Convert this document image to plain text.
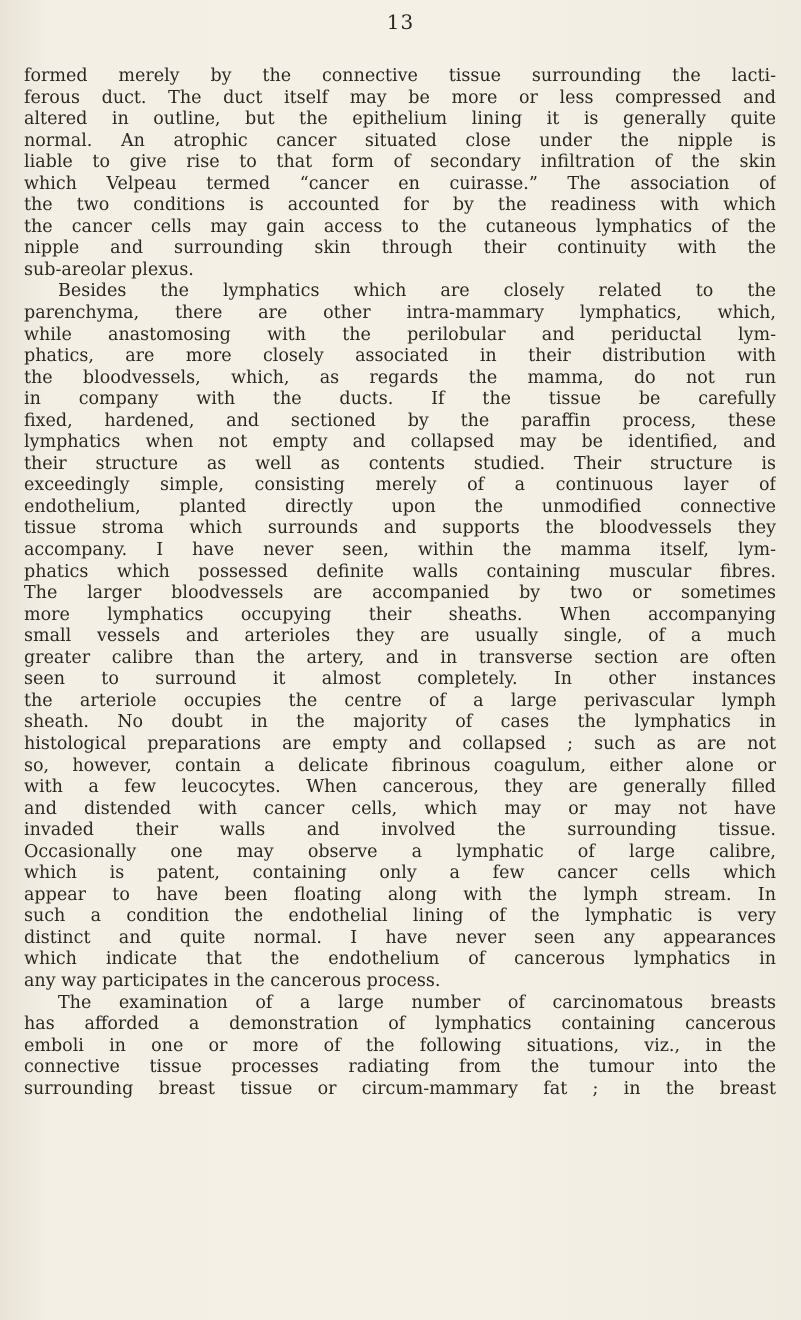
13
formed merely by the connective tissue surrounding the lacti-
ferous duct. The duct itself may be more or less compressed and
altered in outline, but the epithelium lining it is generally quite
normal. An atrophic cancer situated close under the nipple is
liable to give rise to that form of secondary infiltration of the skin
which Velpeau termed “cancer en cuirasse.” The association of
the two conditions is accounted for by the readiness with which
the cancer cells may gain access to the cutaneous lymphatics of the
nipple and surrounding skin through their continuity with the
sub-areolar plexus.
Besides the lymphatics which are closely related to the
parenchyma, there are other intra-mammary lymphatics, which,
while anastomosing with the perilobular and periductal lym-
phatics, are more closely associated in their distribution with
the bloodvessels, which, as regards the mamma, do not run
in company with the ducts. If the tissue be carefully
fixed, hardened, and sectioned by the paraffin process, these
lymphatics when not empty and collapsed may be identified, and
their structure as well as contents studied. Their structure is
exceedingly simple, consisting merely of a continuous layer of
endothelium, planted directly upon the unmodified connective
tissue stroma which surrounds and supports the bloodvessels they
accompany. I have never seen, within the mamma itself, lym-
phatics which possessed definite walls containing muscular fibres.
The larger bloodvessels are accompanied by two or sometimes
more lymphatics occupying their sheaths. When accompanying
small vessels and arterioles they are usually single, of a much
greater calibre than the artery, and in transverse section are often
seen to surround it almost completely. In other instances
the arteriole occupies the centre of a large perivascular lymph
sheath. No doubt in the majority of cases the lymphatics in
histological preparations are empty and collapsed ; such as are not
so, however, contain a delicate fibrinous coagulum, either alone or
with a few leucocytes. When cancerous, they are generally filled
and distended with cancer cells, which may or may not have
invaded their walls and involved the surrounding tissue.
Occasionally one may observe a lymphatic of large calibre,
which is patent, containing only a few cancer cells which
appear to have been floating along with the lymph stream. In
such a condition the endothelial lining of the lymphatic is very
distinct and quite normal. I have never seen any appearances
which indicate that the endothelium of cancerous lymphatics in
any way participates in the cancerous process.
The examination of a large number of carcinomatous breasts
has afforded a demonstration of lymphatics containing cancerous
emboli in one or more of the following situations, viz., in the
connective tissue processes radiating from the tumour into the
surrounding breast tissue or circum-mammary fat ; in the breast
